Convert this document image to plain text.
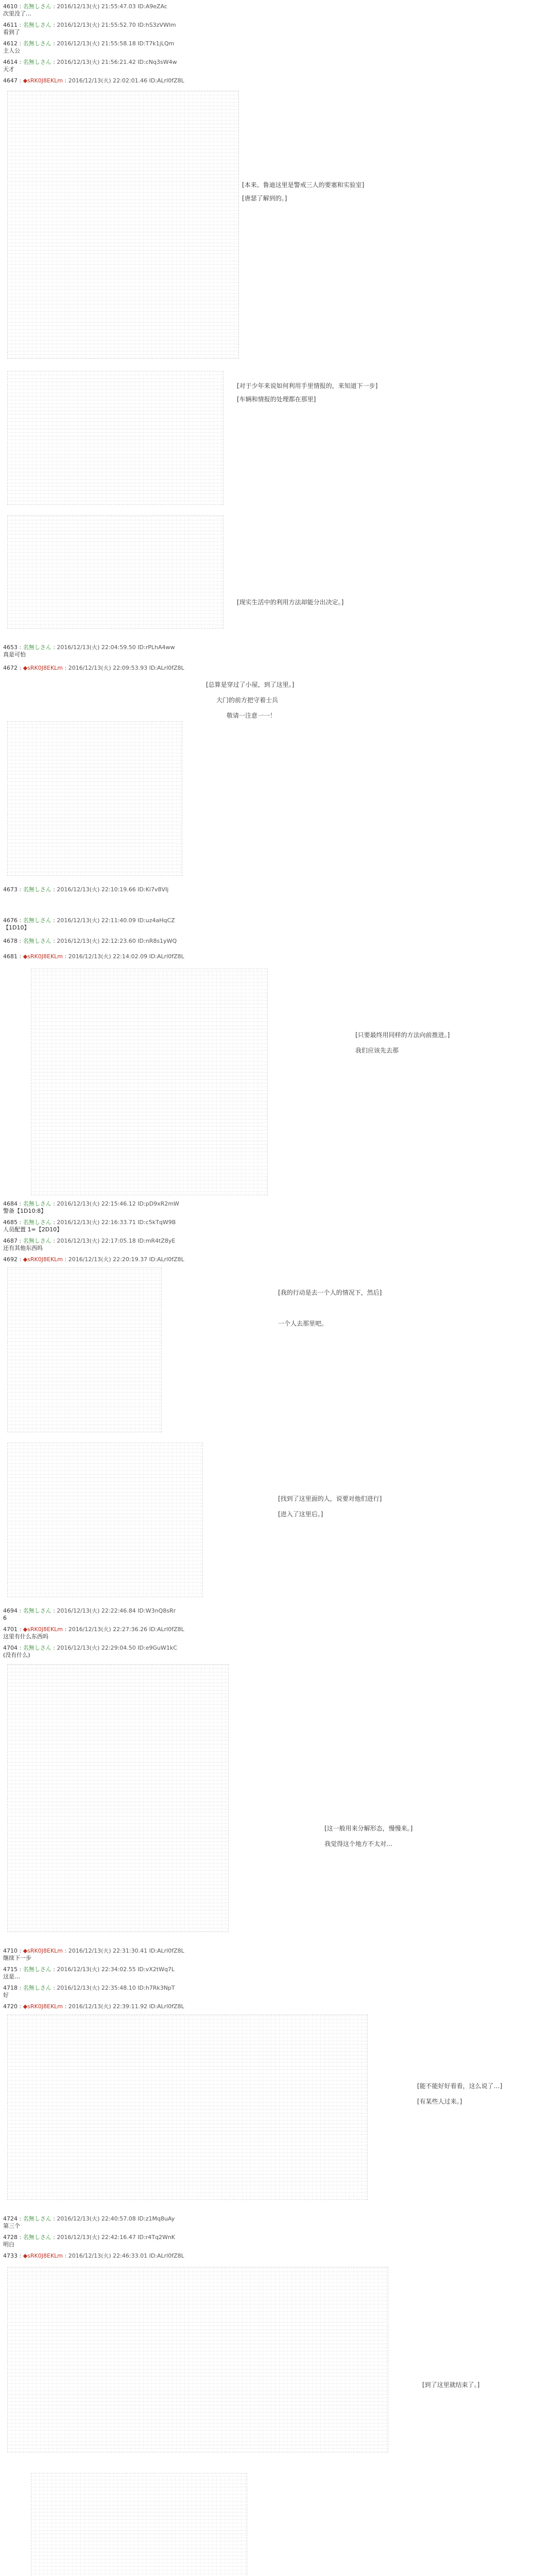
4610 : 名無しさん : 2016/12/13(火) 21:55:47.03 ID:A9eZAc
次里没了…
4611 : 名無しさん : 2016/12/13(火) 21:55:52.70 ID:hS3zVWlm
看到了
4612 : 名無しさん : 2016/12/13(火) 21:55:58.18 ID:T7k1jLQm
主人公
4614 : 名無しさん : 2016/12/13(火) 21:56:21.42 ID:cNq3sW4w
天才
4647 : ◆sRK0J8EKLm : 2016/12/13(火) 22:02:01.46 ID:ALrl0fZ8L
[本来、鲁迪这里是警戒三人的要塞和实验室]
[唐瑟了解到的。]
[对于少年来说如何利用手里情报的，来知道下一步]
[车辆和情报的处理都在那里]
[现实生活中的利用方法却能分出决定。]
4653 : 名無しさん : 2016/12/13(火) 22:04:59.50 ID:rPLhA4ww
真是可怕
4672 : ◆sRK0J8EKLm : 2016/12/13(火) 22:09:53.93 ID:ALrl0fZ8L
[总算是穿过了小屋，到了这里。]
大门的前方把守着士兵
敬请一注意一一！
4673 : 名無しさん : 2016/12/13(火) 22:10:19.66 ID:Ki7v8VIj
4676 : 名無しさん : 2016/12/13(火) 22:11:40.09 ID:uz4aHqCZ
【1D10】
4678 : 名無しさん : 2016/12/13(火) 22:12:23.60 ID:nR8s1yWQ
4681 : ◆sRK0J8EKLm : 2016/12/13(火) 22:14:02.09 ID:ALrl0fZ8L
[只要最终用同样的方法向前推进。]
我们应该先去那
4684 : 名無しさん : 2016/12/13(火) 22:15:46.12 ID:pD9xR2mW
警备【1D10:8】
4685 : 名無しさん : 2016/12/13(火) 22:16:33.71 ID:c5kTqW9B
人员配置 1=【2D10】
4687 : 名無しさん : 2016/12/13(火) 22:17:05.18 ID:mR4tZ8yE
还有其他东西吗
4692 : ◆sRK0J8EKLm : 2016/12/13(火) 22:20:19.37 ID:ALrl0fZ8L
[我的行动是去一个人的情况下，然后]
一个人去那里吧。
[找到了这里面的人，说要对他们进行]
[进入了这里后。]
4694 : 名無しさん : 2016/12/13(火) 22:22:46.84 ID:W3nQ8sRr
6
4701 : ◆sRK0J8EKLm : 2016/12/13(火) 22:27:36.26 ID:ALrl0fZ8L
这里有什么东西吗
4704 : 名無しさん : 2016/12/13(火) 22:29:04.50 ID:e9GuW1kC
(没有什么)
[这一般用来分解形态，慢慢来。]
我觉得这个地方不太对…
4710 : ◆sRK0J8EKLm : 2016/12/13(火) 22:31:30.41 ID:ALrl0fZ8L
继续下一步
4715 : 名無しさん : 2016/12/13(火) 22:34:02.55 ID:vX2tWq7L
这是…
4718 : 名無しさん : 2016/12/13(火) 22:35:48.10 ID:h7Rk3NpT
好
4720 : ◆sRK0J8EKLm : 2016/12/13(火) 22:39:11.92 ID:ALrl0fZ8L
[能不能好好看看，这么说了…]
[有某些人过来。]
4724 : 名無しさん : 2016/12/13(火) 22:40:57.08 ID:z1Mq8uAy
第三个
4728 : 名無しさん : 2016/12/13(火) 22:42:16.47 ID:r4Tq2WnK
明白
4733 : ◆sRK0J8EKLm : 2016/12/13(火) 22:46:33.01 ID:ALrl0fZ8L
[到了这里就结束了。]
